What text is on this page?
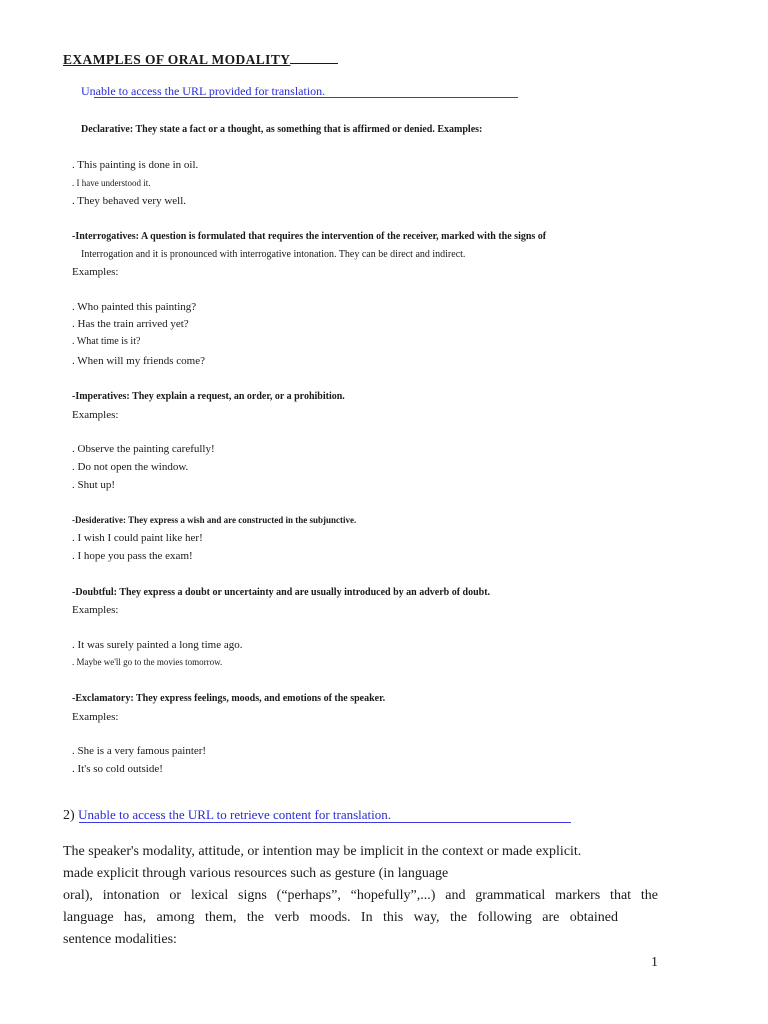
EXAMPLES OF ORAL MODALITY
Unable to access the URL provided for translation.
Declarative: They state a fact or a thought, as something that is affirmed or denied. Examples:
. This painting is done in oil.
. I have understood it.
. They behaved very well.
-Interrogatives: A question is formulated that requires the intervention of the receiver, marked with the signs of
Interrogation and it is pronounced with interrogative intonation. They can be direct and indirect.
Examples:
. Who painted this painting?
. Has the train arrived yet?
. What time is it?
. When will my friends come?
-Imperatives: They explain a request, an order, or a prohibition.
Examples:
. Observe the painting carefully!
. Do not open the window.
. Shut up!
-Desiderative: They express a wish and are constructed in the subjunctive.
. I wish I could paint like her!
. I hope you pass the exam!
-Doubtful: They express a doubt or uncertainty and are usually introduced by an adverb of doubt.
Examples:
. It was surely painted a long time ago.
. Maybe we'll go to the movies tomorrow.
-Exclamatory: They express feelings, moods, and emotions of the speaker.
Examples:
. She is a very famous painter!
. It's so cold outside!
2) Unable to access the URL to retrieve content for translation.
The speaker's modality, attitude, or intention may be implicit in the context or made explicit.
made explicit through various resources such as gesture (in language
oral), intonation or lexical signs (“perhaps”, “hopefully”,...) and grammatical markers that the
language has, among them, the verb moods. In this way, the following are obtained
sentence modalities:
1
